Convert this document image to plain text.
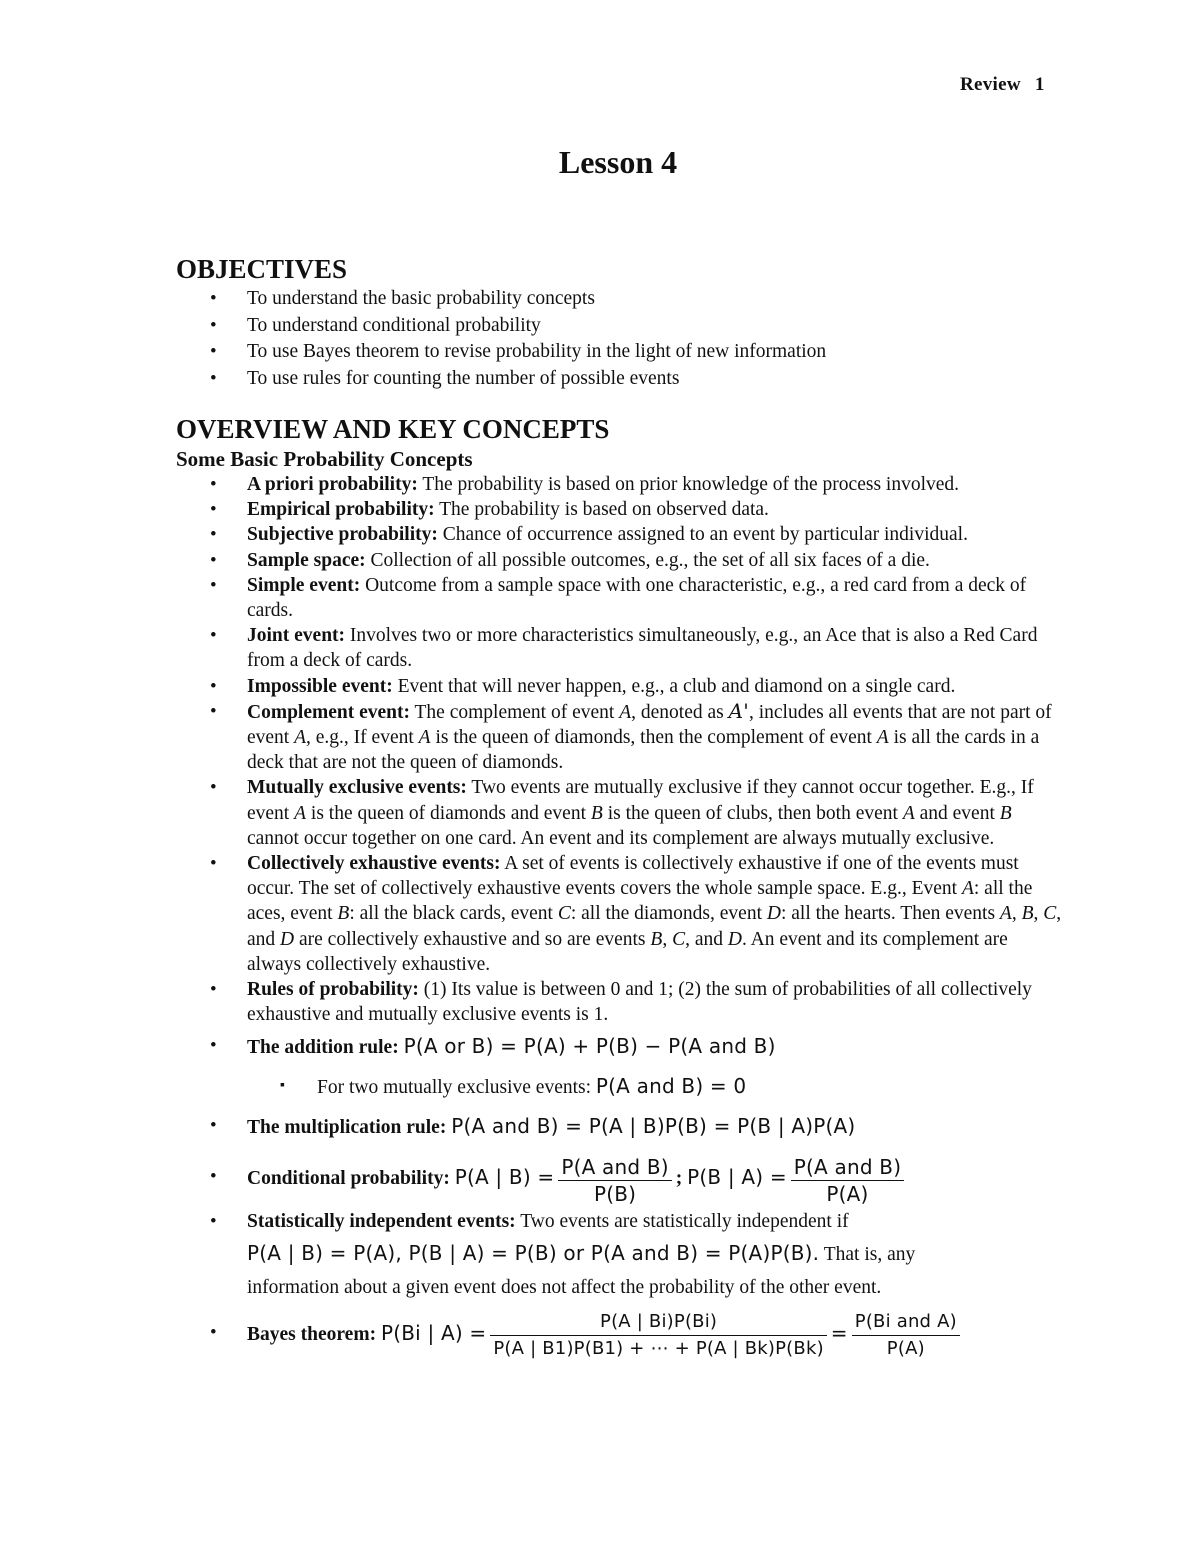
Review 1
Lesson 4
OBJECTIVES
•	To understand the basic probability concepts
•	To understand conditional probability
•	To use Bayes theorem to revise probability in the light of new information
•	To use rules for counting the number of possible events
OVERVIEW AND KEY CONCEPTS
Some Basic Probability Concepts
•	A priori probability: The probability is based on prior knowledge of the process involved.
•	Empirical probability: The probability is based on observed data.
•	Subjective probability: Chance of occurrence assigned to an event by particular individual.
•	Sample space: Collection of all possible outcomes, e.g., the set of all six faces of a die.
•	Simple event: Outcome from a sample space with one characteristic, e.g., a red card from a deck of cards.
•	Joint event: Involves two or more characteristics simultaneously, e.g., an Ace that is also a Red Card from a deck of cards.
•	Impossible event: Event that will never happen, e.g., a club and diamond on a single card.
•	Complement event: The complement of event A, denoted as A', includes all events that are not part of event A, e.g., If event A is the queen of diamonds, then the complement of event A is all the cards in a deck that are not the queen of diamonds.
•	Mutually exclusive events: Two events are mutually exclusive if they cannot occur together. E.g., If event A is the queen of diamonds and event B is the queen of clubs, then both event A and event B cannot occur together on one card. An event and its complement are always mutually exclusive.
•	Collectively exhaustive events: A set of events is collectively exhaustive if one of the events must occur. The set of collectively exhaustive events covers the whole sample space. E.g., Event A: all the aces, event B: all the black cards, event C: all the diamonds, event D: all the hearts. Then events A, B, C, and D are collectively exhaustive and so are events B, C, and D. An event and its complement are always collectively exhaustive.
•	Rules of probability: (1) Its value is between 0 and 1; (2) the sum of probabilities of all collectively exhaustive and mutually exclusive events is 1.
•	The addition rule: P(A or B) = P(A) + P(B) − P(A and B)
▪	For two mutually exclusive events: P(A and B) = 0
•	The multiplication rule: P(A and B) = P(A | B)P(B) = P(B | A)P(A)
•	Conditional probability: P(A | $B) = \frac{\text{P(A and B)}}{P(B)}$ ; P(B | $A) = \frac{\text{P(A and B)}}{P(A)}$
•	Statistically independent events: Two events are statistically independent if
P(A | B) = P(A), P(B | A) = P(B) or P(A and B) = P(A)P(B). That is, any
information about a given event does not affect the probability of the other event.
•	Bayes theorem: P(Bi | $A) = \frac{P(A | Bi)P(Bi)}{P(A | B1)P(B1) + \cdots + P(A | Bk)P(Bk)} = \frac{\text{P(Bi and A)}}{P(A)}$
